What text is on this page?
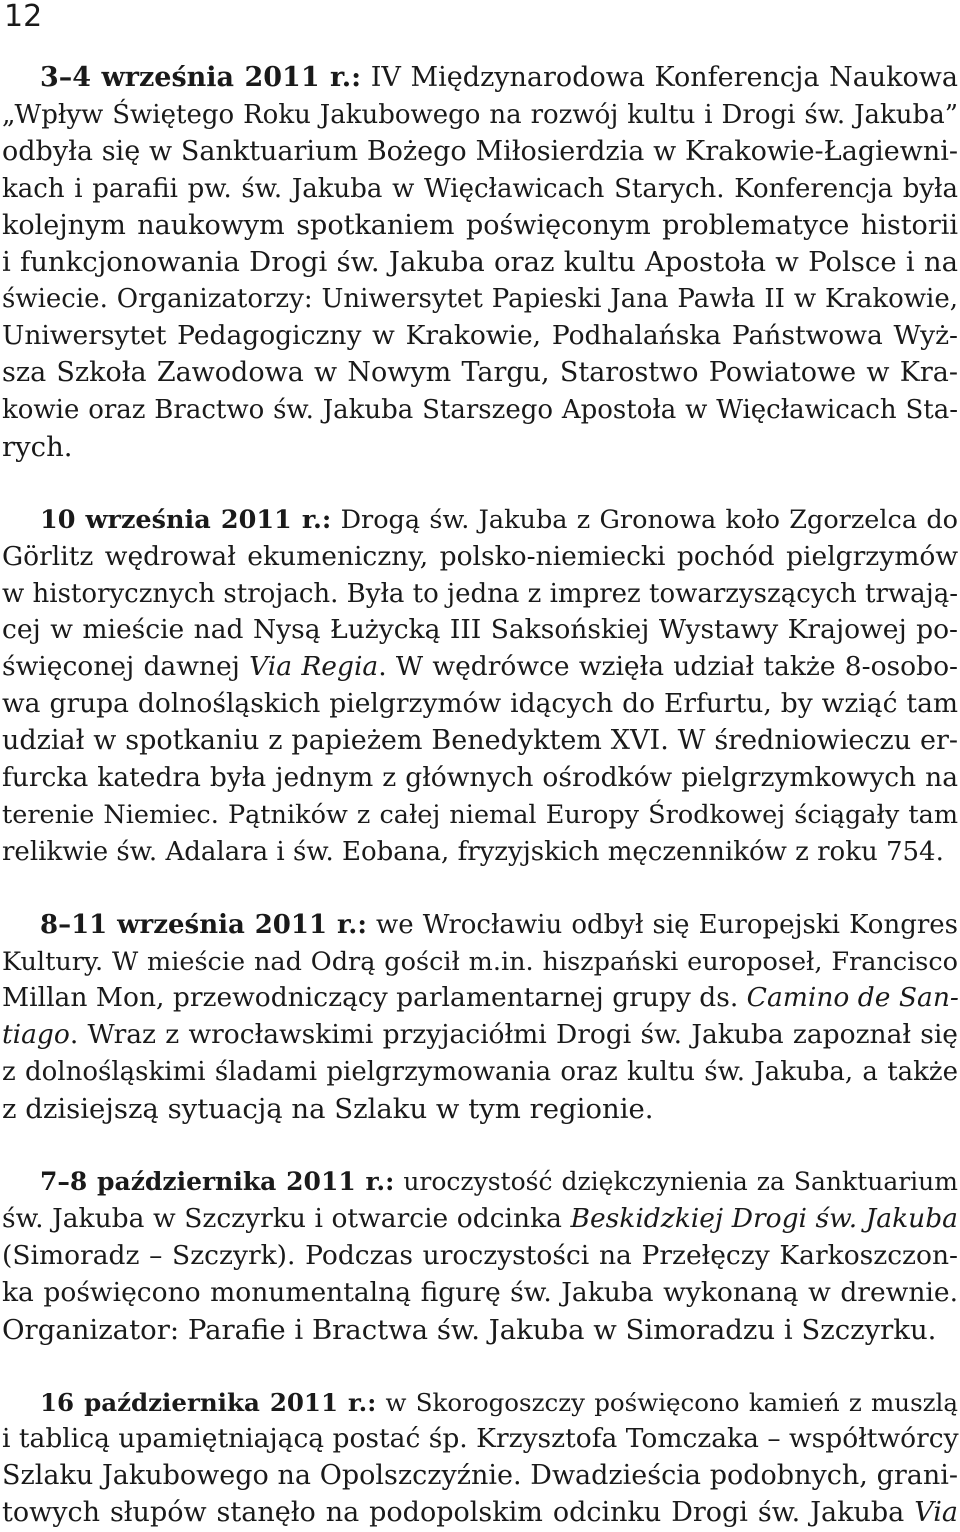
12
3–4 września 2011 r.: IV Międzynarodowa Konferencja Naukowa
„Wpływ Świętego Roku Jakubowego na rozwój kultu i Drogi św. Jakuba”
odbyła się w Sanktuarium Bożego Miłosierdzia w Krakowie-Łagiewni-
kach i parafii pw. św. Jakuba w Więcławicach Starych. Konferencja była
kolejnym naukowym spotkaniem poświęconym problematyce historii
i funkcjonowania Drogi św. Jakuba oraz kultu Apostoła w Polsce i na
świecie. Organizatorzy: Uniwersytet Papieski Jana Pawła II w Krakowie,
Uniwersytet Pedagogiczny w Krakowie, Podhalańska Państwowa Wyż-
sza Szkoła Zawodowa w Nowym Targu, Starostwo Powiatowe w Kra-
kowie oraz Bractwo św. Jakuba Starszego Apostoła w Więcławicach Sta-
rych.
10 września 2011 r.: Drogą św. Jakuba z Gronowa koło Zgorzelca do
Görlitz wędrował ekumeniczny, polsko-niemiecki pochód pielgrzymów
w historycznych strojach. Była to jedna z imprez towarzyszących trwają-
cej w mieście nad Nysą Łużycką III Saksońskiej Wystawy Krajowej po-
święconej dawnej Via Regia. W wędrówce wzięła udział także 8-osobo-
wa grupa dolnośląskich pielgrzymów idących do Erfurtu, by wziąć tam
udział w spotkaniu z papieżem Benedyktem XVI. W średniowieczu er-
furcka katedra była jednym z głównych ośrodków pielgrzymkowych na
terenie Niemiec. Pątników z całej niemal Europy Środkowej ściągały tam
relikwie św. Adalara i św. Eobana, fryzyjskich męczenników z roku 754.
8–11 września 2011 r.: we Wrocławiu odbył się Europejski Kongres
Kultury. W mieście nad Odrą gościł m.in. hiszpański europoseł, Francisco
Millan Mon, przewodniczący parlamentarnej grupy ds. Camino de San-
tiago. Wraz z wrocławskimi przyjaciółmi Drogi św. Jakuba zapoznał się
z dolnośląskimi śladami pielgrzymowania oraz kultu św. Jakuba, a także
z dzisiejszą sytuacją na Szlaku w tym regionie.
7–8 października 2011 r.: uroczystość dziękczynienia za Sanktuarium
św. Jakuba w Szczyrku i otwarcie odcinka Beskidzkiej Drogi św. Jakuba
(Simoradz – Szczyrk). Podczas uroczystości na Przełęczy Karkoszczon-
ka poświęcono monumentalną figurę św. Jakuba wykonaną w drewnie.
Organizator: Parafie i Bractwa św. Jakuba w Simoradzu i Szczyrku.
16 października 2011 r.: w Skorogoszczy poświęcono kamień z muszlą
i tablicą upamiętniającą postać śp. Krzysztofa Tomczaka – współtwórcy
Szlaku Jakubowego na Opolszczyźnie. Dwadzieścia podobnych, grani-
towych słupów stanęło na podopolskim odcinku Drogi św. Jakuba Via
